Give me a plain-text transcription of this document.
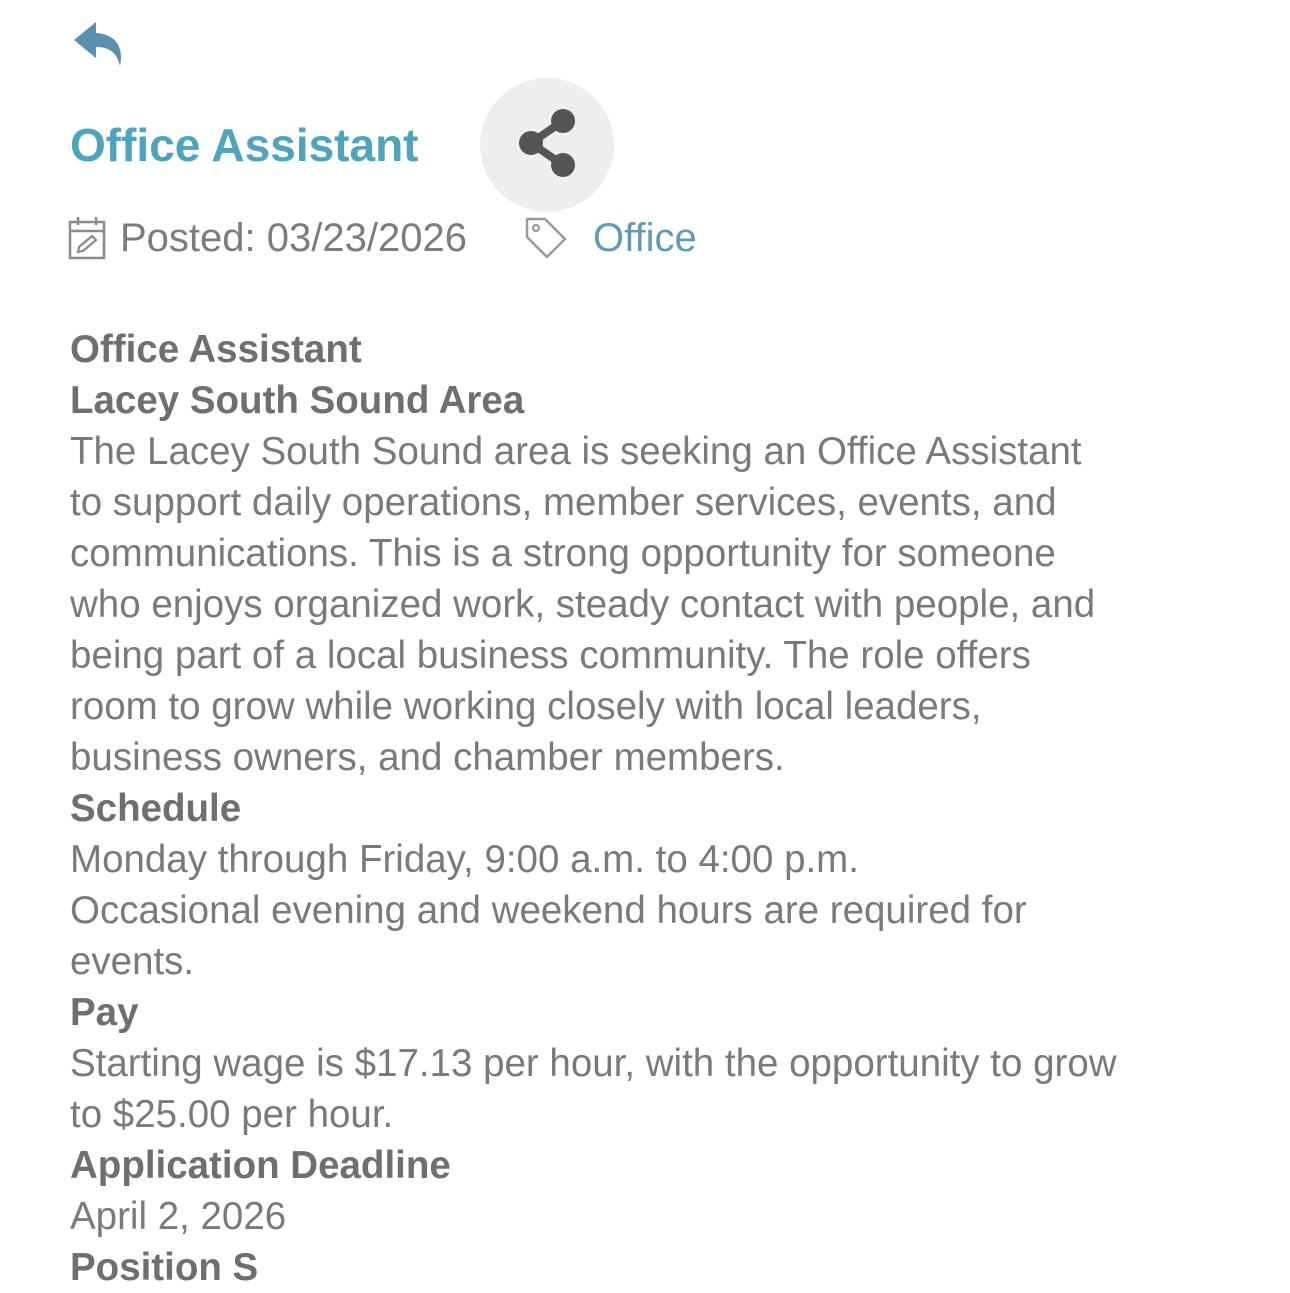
Office Assistant
Posted: 03/23/2026	Office
Office Assistant
Lacey South Sound Area
The Lacey South Sound area is seeking an Office Assistant
to support daily operations, member services, events, and
communications. This is a strong opportunity for someone
who enjoys organized work, steady contact with people, and
being part of a local business community. The role offers
room to grow while working closely with local leaders,
business owners, and chamber members.
Schedule
Monday through Friday, 9:00 a.m. to 4:00 p.m.
Occasional evening and weekend hours are required for
events.
Pay
Starting wage is $17.13 per hour, with the opportunity to grow
to $25.00 per hour.
Application Deadline
April 2, 2026
Position S
